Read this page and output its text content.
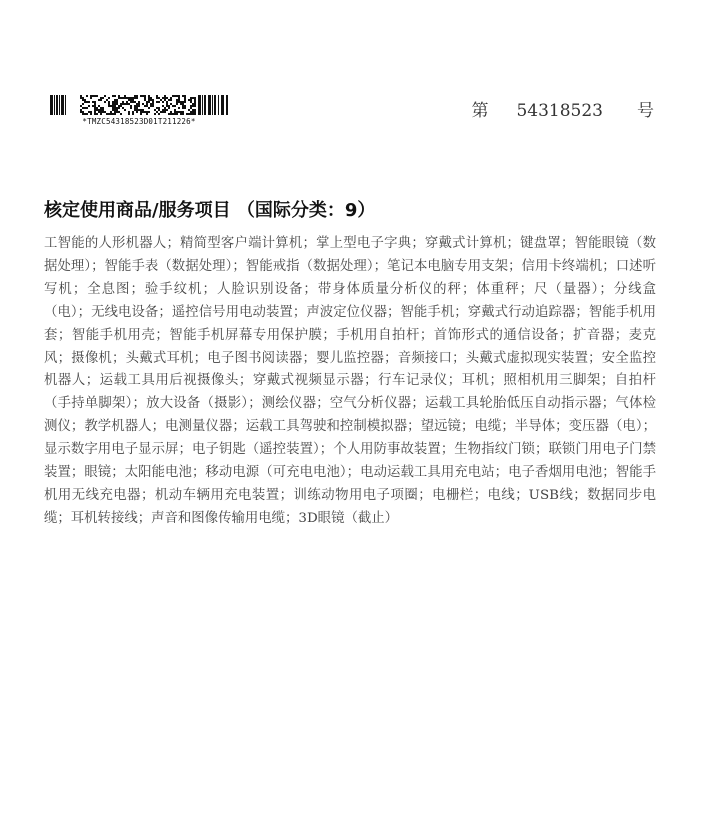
*TMZC54318523D01T211226*
第 54318523 号
核定使用商品/服务项目 （国际分类：9）
工智能的人形机器人；精简型客户端计算机；掌上型电子字典；穿戴式计算机；键盘罩；智能眼镜（数据处理）；智能手表（数据处理）；智能戒指（数据处理）；笔记本电脑专用支架；信用卡终端机；口述听写机；全息图；验手纹机；人脸识别设备；带身体质量分析仪的秤；体重秤；尺（量器）；分线盒（电）；无线电设备；遥控信号用电动装置；声波定位仪器；智能手机；穿戴式行动追踪器；智能手机用套；智能手机用壳；智能手机屏幕专用保护膜；手机用自拍杆；首饰形式的通信设备；扩音器；麦克风；摄像机；头戴式耳机；电子图书阅读器；婴儿监控器；音频接口；头戴式虚拟现实装置；安全监控机器人；运载工具用后视摄像头；穿戴式视频显示器；行车记录仪；耳机；照相机用三脚架；自拍杆（手持单脚架）；放大设备（摄影）；测绘仪器；空气分析仪器；运载工具轮胎低压自动指示器；气体检测仪；教学机器人；电测量仪器；运载工具驾驶和控制模拟器；望远镜；电缆；半导体；变压器（电）；显示数字用电子显示屏；电子钥匙（遥控装置）；个人用防事故装置；生物指纹门锁；联锁门用电子门禁装置；眼镜；太阳能电池；移动电源（可充电电池）；电动运载工具用充电站；电子香烟用电池；智能手机用无线充电器；机动车辆用充电装置；训练动物用电子项圈；电栅栏；电线；USB线；数据同步电缆；耳机转接线；声音和图像传输用电缆；3D眼镜（截止）
